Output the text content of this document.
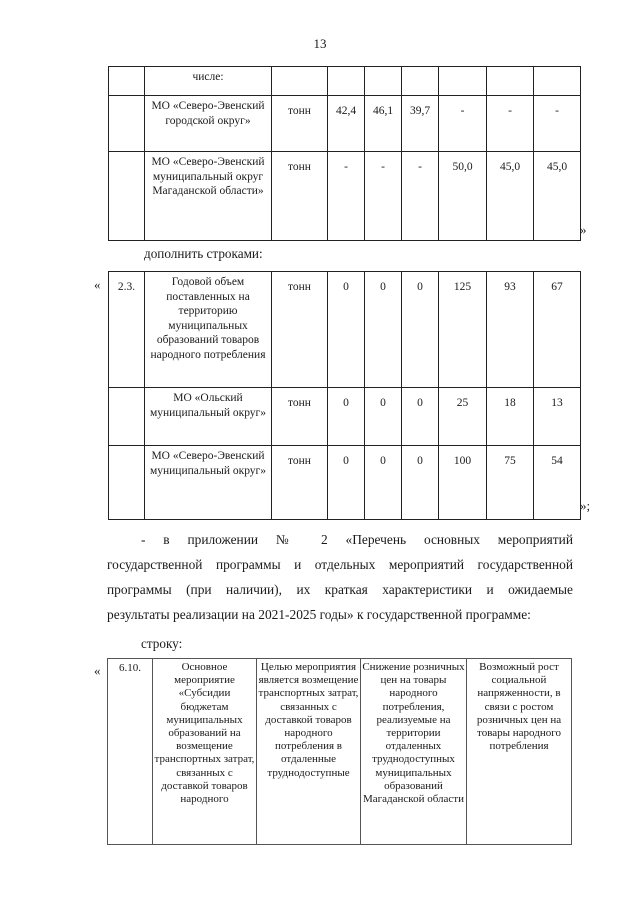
13
	числе:							
	МО «Северо-Эвенский городской округ»	тонн	42,4	46,1	39,7	-	-	-
	МО «Северо-Эвенский муниципальный округ Магаданской области»	тонн	-	-	-	50,0	45,0	45,0
»
дополнить строками:
« 2.3.	Годовой объем поставленных на территорию муниципальных образований товаров народного потребления	тонн	0	0	0	125	93	67
	МО «Ольский муниципальный округ»	тонн	0	0	0	25	18	13
	МО «Северо-Эвенский муниципальный округ»	тонн	0	0	0	100	75	54
»;
- в приложении № 2 «Перечень основных мероприятий
государственной программы и отдельных мероприятий государственной
программы (при наличии), их краткая характеристики и ожидаемые
результаты реализации на 2021-2025 годы» к государственной программе:
строку:
« 6.10.	Основное мероприятие «Субсидии бюджетам муниципальных образований на возмещение транспортных затрат, связанных с доставкой товаров народного	Целью мероприятия является возмещение транспортных затрат, связанных с доставкой товаров народного потребления в отдаленные труднодоступные	Снижение розничных цен на товары народного потребления, реализуемые на территории отдаленных труднодоступных муниципальных образований Магаданской области	Возможный рост социальной напряженности, в связи с ростом розничных цен на товары народного потребления
